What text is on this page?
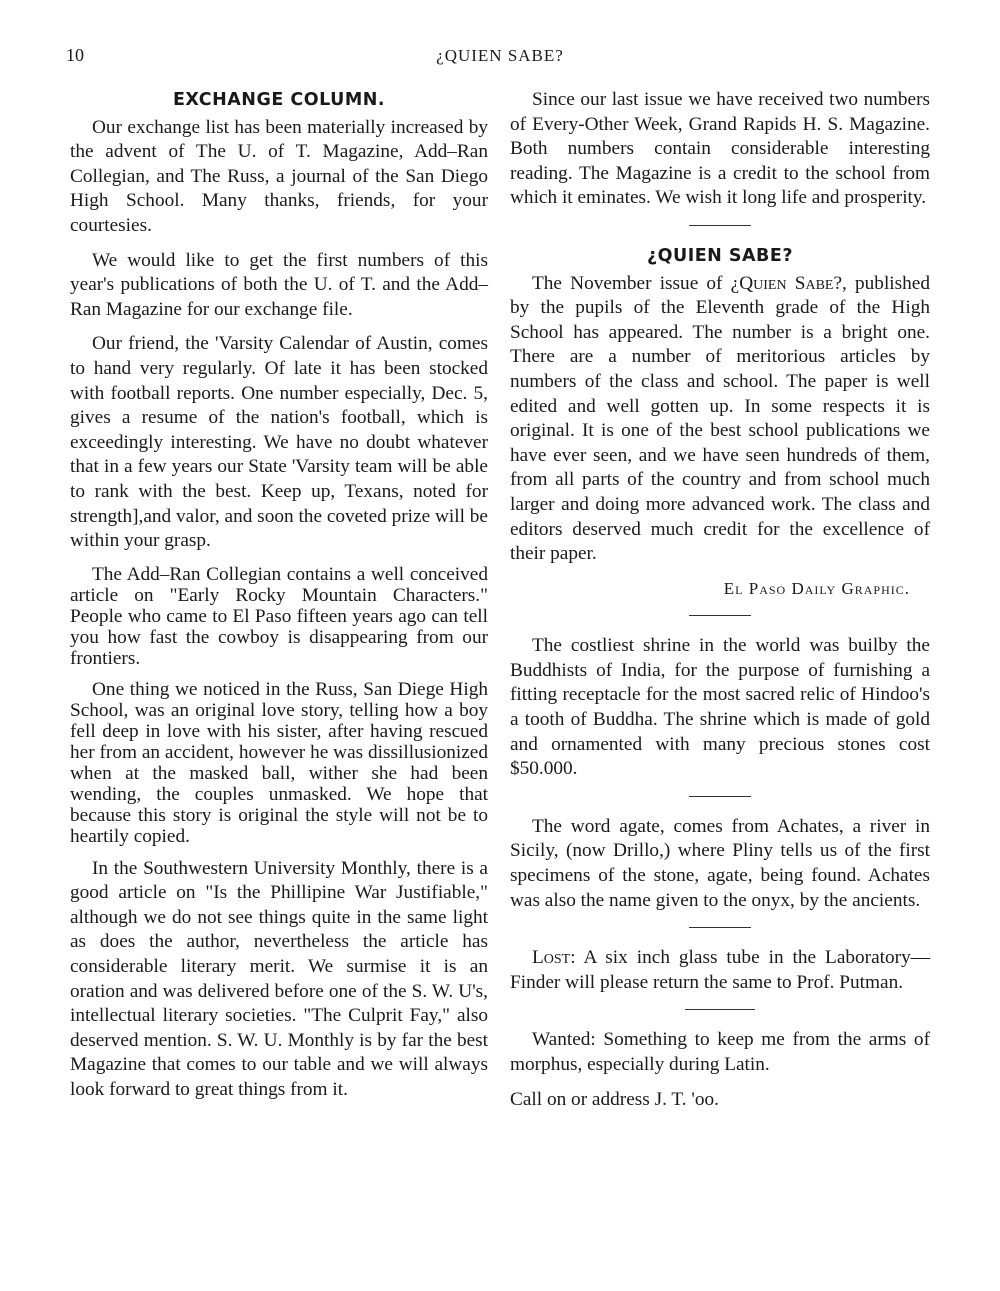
10	¿QUIEN SABE?
EXCHANGE COLUMN.

Our exchange list has been materially increased by the advent of The U. of T. Magazine, Add–Ran Collegian, and The Russ, a journal of the San Diego High School. Many thanks, friends, for your courtesies.

We would like to get the first numbers of this year's publications of both the U. of T. and the Add–Ran Magazine for our exchange file.

Our friend, the 'Varsity Calendar of Austin, comes to hand very regularly. Of late it has been stocked with football reports. One number especially, Dec. 5, gives a resume of the nation's football, which is exceedingly interesting. We have no doubt whatever that in a few years our State 'Varsity team will be able to rank with the best. Keep up, Texans, noted for strength],and valor, and soon the coveted prize will be within your grasp.

The Add–Ran Collegian contains a well conceived article on "Early Rocky Mountain Characters." People who came to El Paso fifteen years ago can tell you how fast the cowboy is disappearing from our frontiers.

One thing we noticed in the Russ, San Diege High School, was an original love story, telling how a boy fell deep in love with his sister, after having rescued her from an accident, however he was dissillusionized when at the masked ball, wither she had been wending, the couples unmasked. We hope that because this story is original the style will not be to heartily copied.

In the Southwestern University Monthly, there is a good article on "Is the Phillipine War Justifiable," although we do not see things quite in the same light as does the author, nevertheless the article has considerable literary merit. We surmise it is an oration and was delivered before one of the S. W. U's, intellectual literary societies. "The Culprit Fay," also deserved mention. S. W. U. Monthly is by far the best Magazine that comes to our table and we will always look forward to great things from it.

Since our last issue we have received two numbers of Every-Other Week, Grand Rapids H. S. Magazine. Both numbers contain considerable interesting reading. The Magazine is a credit to the school from which it eminates. We wish it long life and prosperity.

¿QUIEN SABE?

The November issue of ¿Quien Sabe?, published by the pupils of the Eleventh grade of the High School has appeared. The number is a bright one. There are a number of meritorious articles by numbers of the class and school. The paper is well edited and well gotten up. In some respects it is original. It is one of the best school publications we have ever seen, and we have seen hundreds of them, from all parts of the country and from school much larger and doing more advanced work. The class and editors deserved much credit for the excellence of their paper.

El Paso Daily Graphic.

The costliest shrine in the world was builby the Buddhists of India, for the purpose of furnishing a fitting receptacle for the most sacred relic of Hindoo's a tooth of Buddha. The shrine which is made of gold and ornamented with many precious stones cost $50.000.

The word agate, comes from Achates, a river in Sicily, (now Drillo,) where Pliny tells us of the first specimens of the stone, agate, being found. Achates was also the name given to the onyx, by the ancients.

Lost: A six inch glass tube in the Laboratory—Finder will please return the same to Prof. Putman.

Wanted: Something to keep me from the arms of morphus, especially during Latin.

Call on or address J. T. 'oo.
